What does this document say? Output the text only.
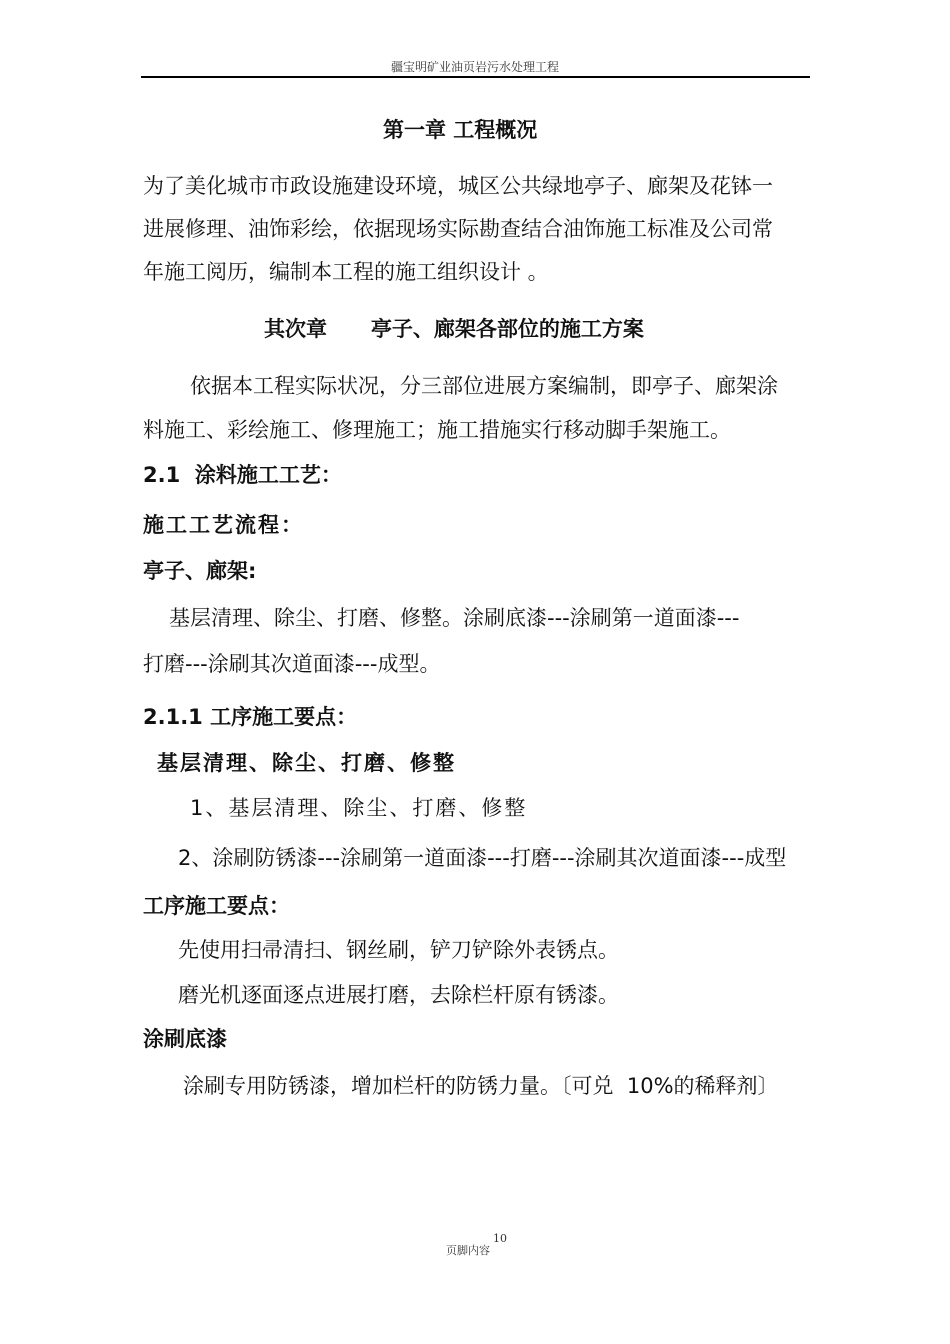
疆宝明矿业油页岩污水处理工程
第一章 工程概况
为了美化城市市政设施建设环境，城区公共绿地亭子、廊架及花钵一
进展修理、油饰彩绘，依据现场实际勘查结合油饰施工标准及公司常
年施工阅历，编制本工程的施工组织设计 。
其次章      亭子、廊架各部位的施工方案
依据本工程实际状况，分三部位进展方案编制，即亭子、廊架涂
料施工、彩绘施工、修理施工；施工措施实行移动脚手架施工。
2.1  涂料施工工艺：
施工工艺流程：
亭子、廊架:
基层清理、除尘、打磨、修整。涂刷底漆---涂刷第一道面漆---
打磨---涂刷其次道面漆---成型。
2.1.1 工序施工要点：
基层清理、除尘、打磨、修整
1、基层清理、除尘、打磨、修整
2、涂刷防锈漆---涂刷第一道面漆---打磨---涂刷其次道面漆---成型
工序施工要点：
先使用扫帚清扫、钢丝刷，铲刀铲除外表锈点。
磨光机逐面逐点进展打磨，去除栏杆原有锈漆。
涂刷底漆
涂刷专用防锈漆，增加栏杆的防锈力量。〔可兑  10%的稀释剂〕
10
页脚内容
